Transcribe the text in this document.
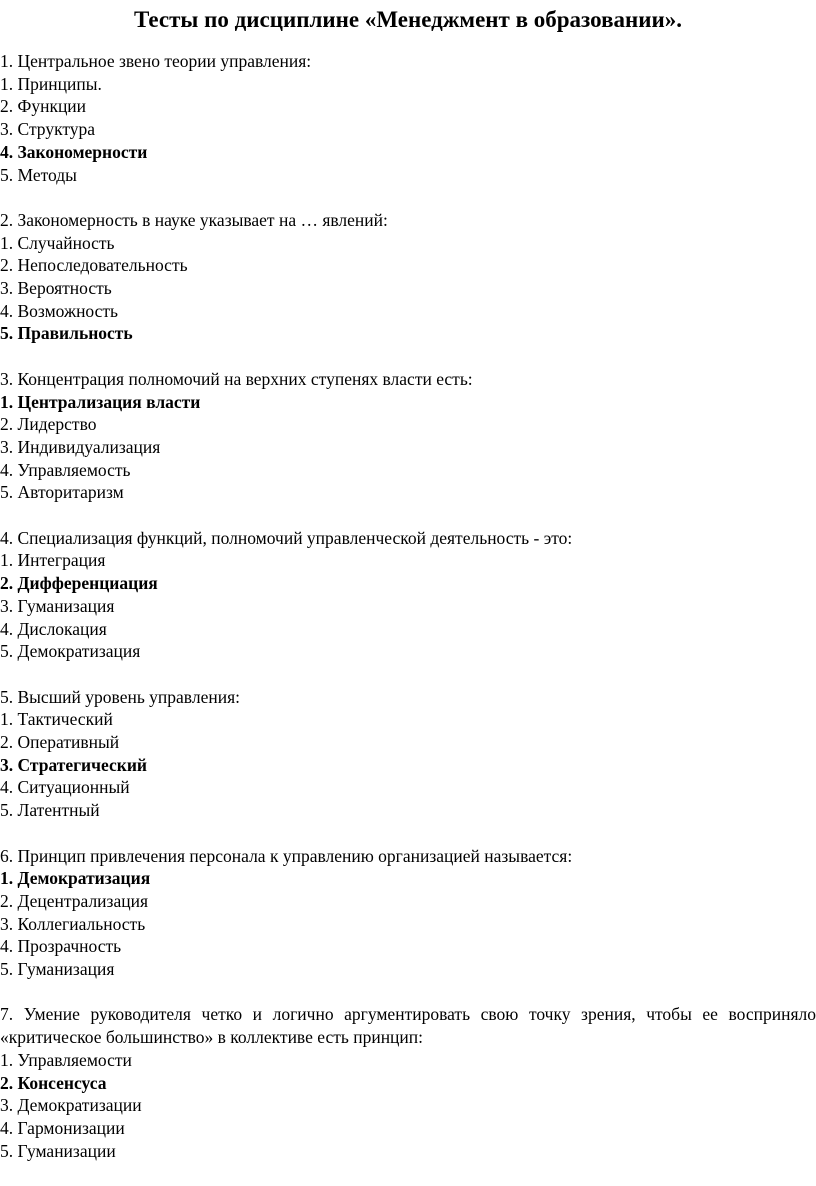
Тесты по дисциплине «Менеджмент в образовании».
1. Центральное звено теории управления:
1. Принципы.
2. Функции
3. Структура
4. Закономерности
5. Методы
2. Закономерность в науке указывает на … явлений:
1. Случайность
2. Непоследовательность
3. Вероятность
4. Возможность
5. Правильность
3. Концентрация полномочий на верхних ступенях власти есть:
1. Централизация власти
2. Лидерство
3. Индивидуализация
4. Управляемость
5. Авторитаризм
4. Специализация функций, полномочий управленческой деятельность - это:
1. Интеграция
2. Дифференциация
3. Гуманизация
4. Дислокация
5. Демократизация
5. Высший уровень управления:
1. Тактический
2. Оперативный
3. Стратегический
4. Ситуационный
5. Латентный
6. Принцип привлечения персонала к управлению организацией называется:
1. Демократизация
2. Децентрализация
3. Коллегиальность
4. Прозрачность
5. Гуманизация
7. Умение руководителя четко и логично аргументировать свою точку зрения, чтобы ее восприняло «критическое большинство» в коллективе есть принцип:
1. Управляемости
2. Консенсуса
3. Демократизации
4. Гармонизации
5. Гуманизации
